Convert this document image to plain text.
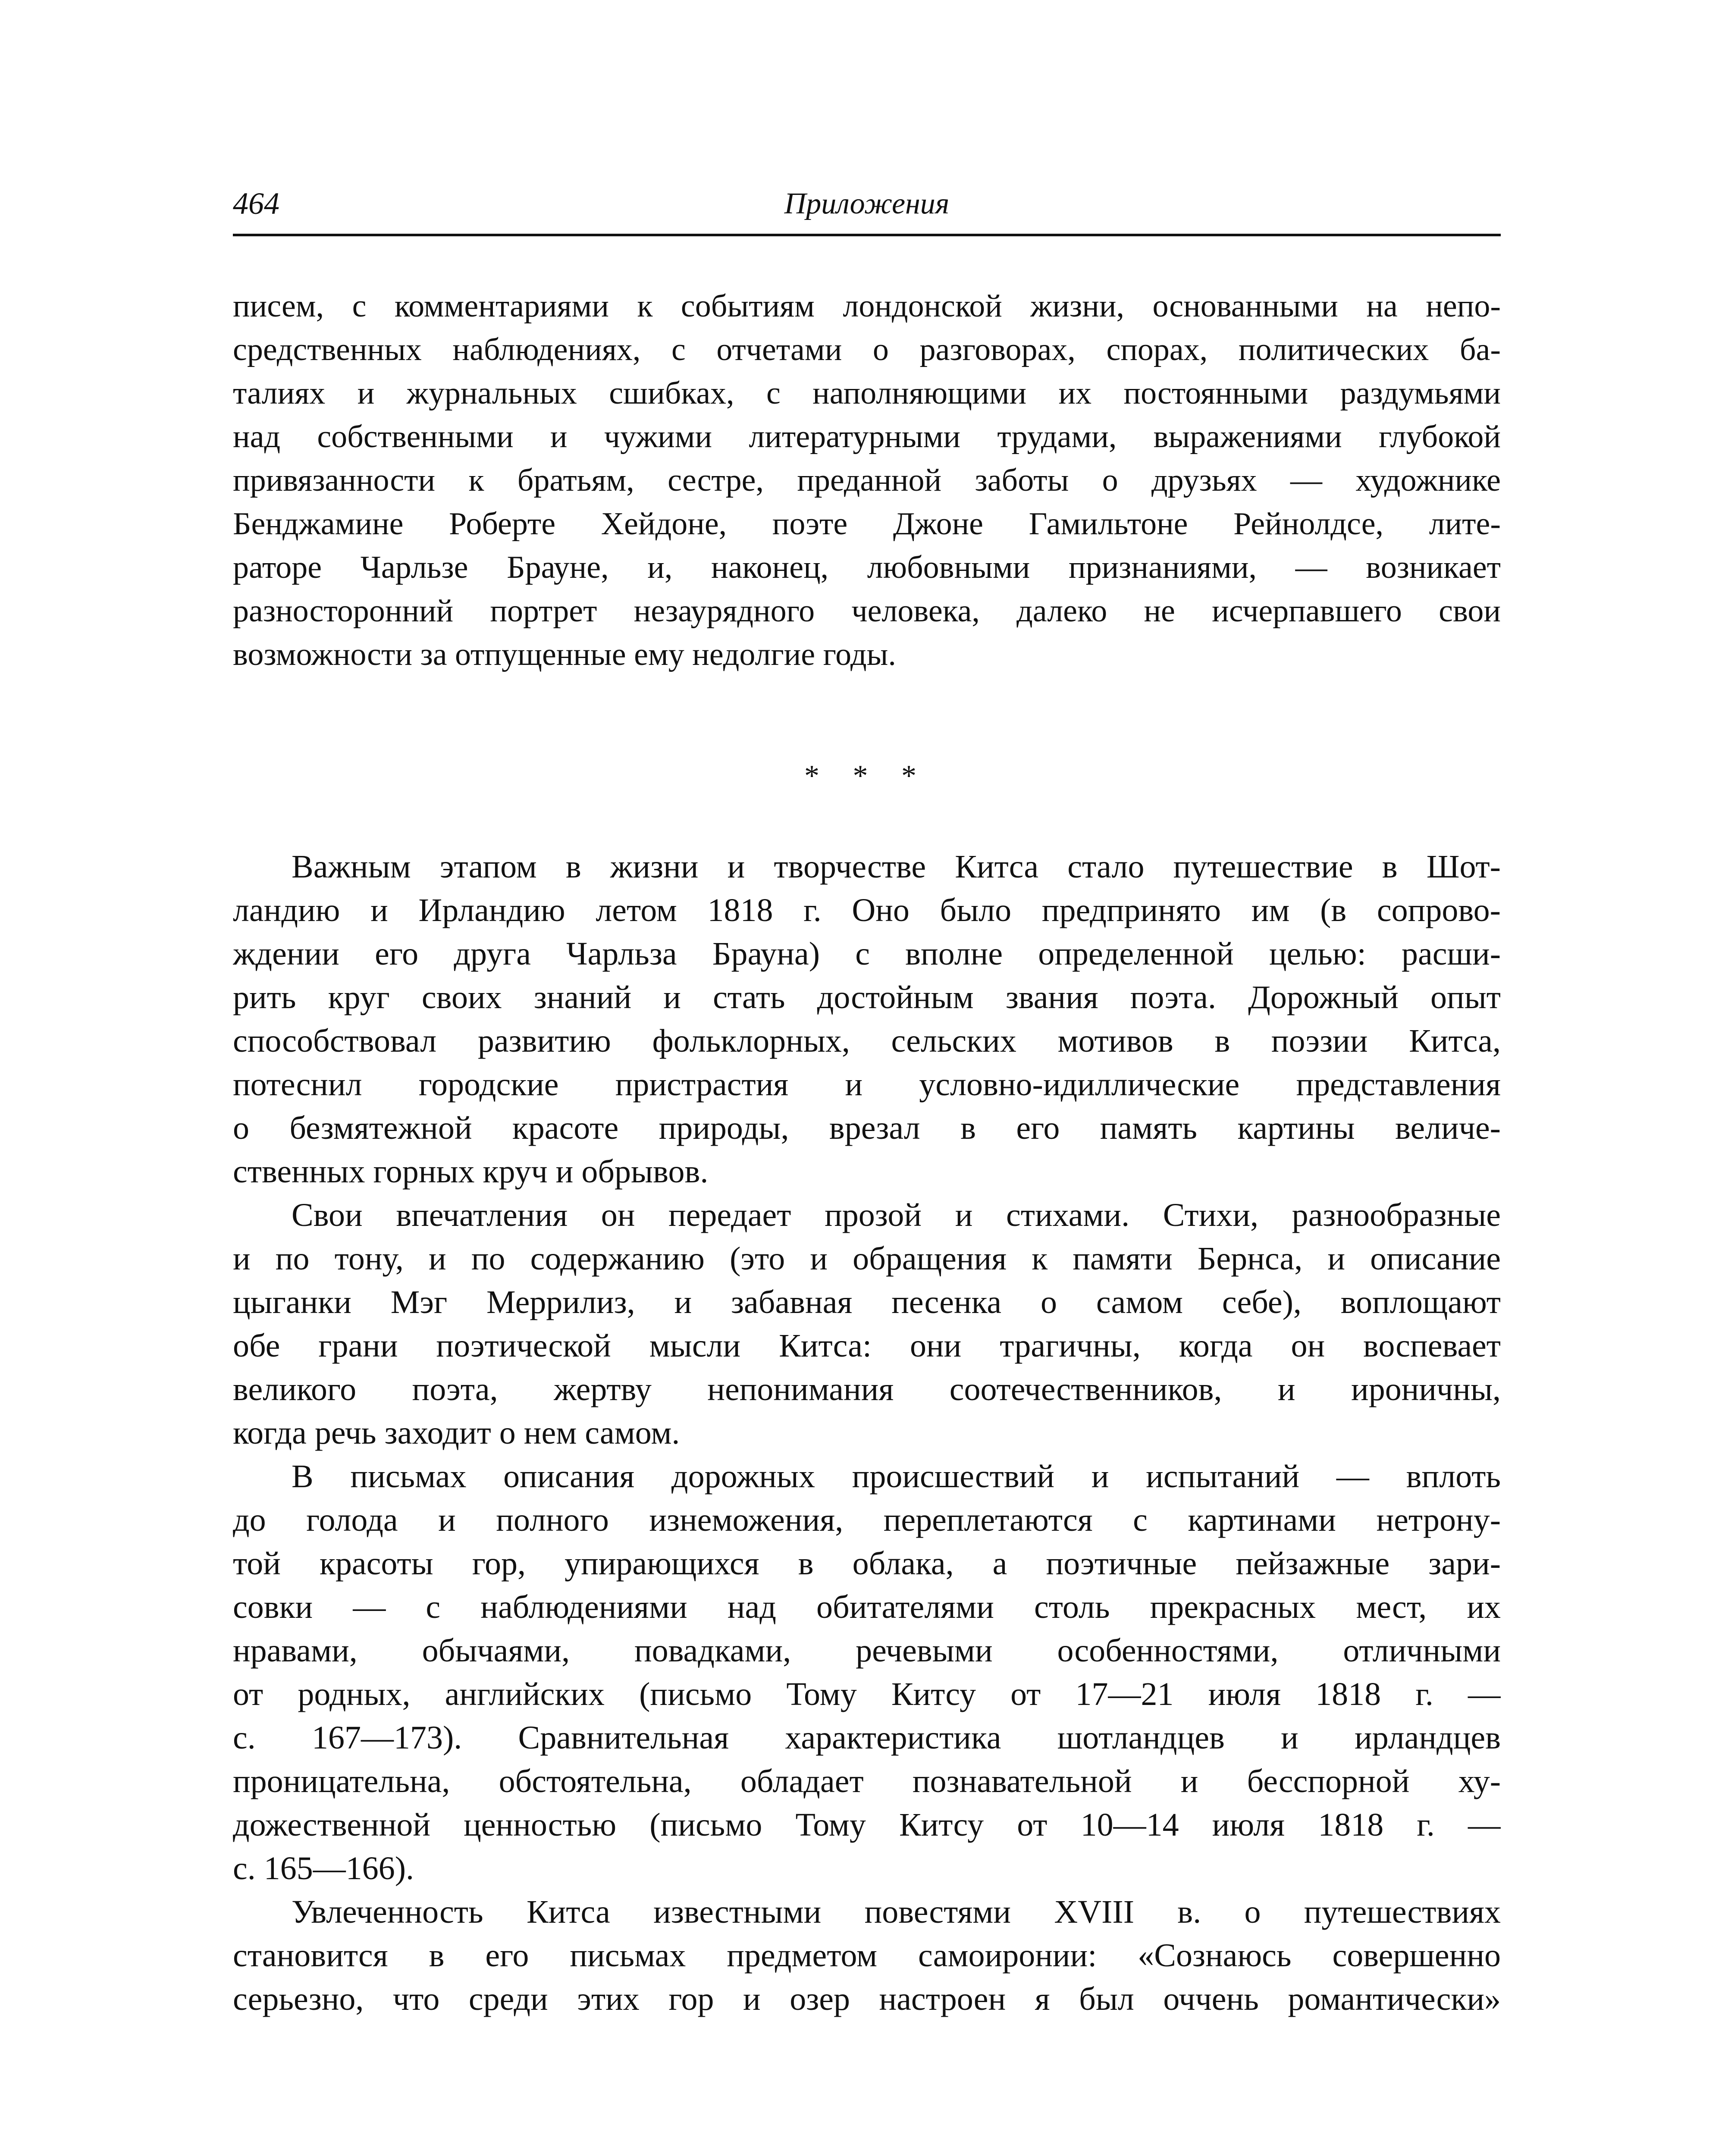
464	Приложения
писем, с комментариями к событиям лондонской жизни, основанными на непо-
средственных наблюдениях, с отчетами о разговорах, спорах, политических ба-
талиях и журнальных сшибках, с наполняющими их постоянными раздумьями
над собственными и чужими литературными трудами, выражениями глубокой
привязанности к братьям, сестре, преданной заботы о друзьях — художнике
Бенджамине Роберте Хейдоне, поэте Джоне Гамильтоне Рейнолдсе, лите-
раторе Чарльзе Брауне, и, наконец, любовными признаниями, — возникает
разносторонний портрет незаурядного человека, далеко не исчерпавшего свои
возможности за отпущенные ему недолгие годы.
* * *
Важным этапом в жизни и творчестве Китса стало путешествие в Шот-
ландию и Ирландию летом 1818 г. Оно было предпринято им (в сопрово-
ждении его друга Чарльза Брауна) с вполне определенной целью: расши-
рить круг своих знаний и стать достойным звания поэта. Дорожный опыт
способствовал развитию фольклорных, сельских мотивов в поэзии Китса,
потеснил городские пристрастия и условно-идиллические представления
о безмятежной красоте природы, врезал в его память картины величе-
ственных горных круч и обрывов.
Свои впечатления он передает прозой и стихами. Стихи, разнообразные
и по тону, и по содержанию (это и обращения к памяти Бернса, и описание
цыганки Мэг Меррилиз, и забавная песенка о самом себе), воплощают
обе грани поэтической мысли Китса: они трагичны, когда он воспевает
великого поэта, жертву непонимания соотечественников, и ироничны,
когда речь заходит о нем самом.
В письмах описания дорожных происшествий и испытаний — вплоть
до голода и полного изнеможения, переплетаются с картинами нетрону-
той красоты гор, упирающихся в облака, а поэтичные пейзажные зари-
совки — с наблюдениями над обитателями столь прекрасных мест, их
нравами, обычаями, повадками, речевыми особенностями, отличными
от родных, английских (письмо Тому Китсу от 17—21 июля 1818 г. —
с. 167—173). Сравнительная характеристика шотландцев и ирландцев
проницательна, обстоятельна, обладает познавательной и бесспорной ху-
дожественной ценностью (письмо Тому Китсу от 10—14 июля 1818 г. —
с. 165—166).
Увлеченность Китса известными повестями XVIII в. о путешествиях
становится в его письмах предметом самоиронии: «Сознаюсь совершенно
серьезно, что среди этих гор и озер настроен я был оччень романтически»
